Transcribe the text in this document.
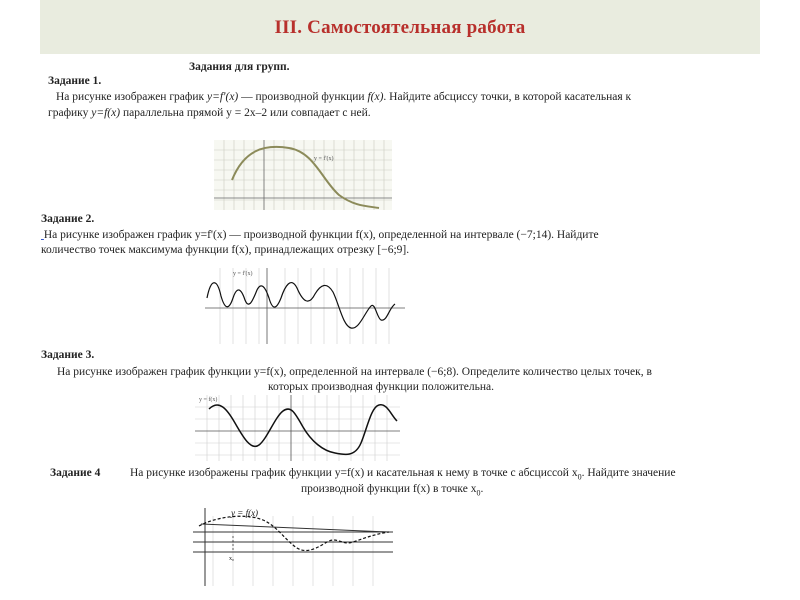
III. Самостоятельная работа
Задания для групп.
Задание 1.
На рисунке изображен график y=f'(x) — производной функции f(x). Найдите абсциссу точки, в которой касательная к
графику y=f(x) параллельна прямой у = 2х–2 или совпадает с ней.
y = f'(x)
Задание 2.
На рисунке изображен график y=f'(x) — производной функции f(x), определенной на интервале (−7;14). Найдите
количество точек максимума функции f(x), принадлежащих отрезку [−6;9].
y = f'(x)
Задание 3.
На рисунке изображен график функции y=f(x), определенной на интервале (−6;8). Определите количество целых точек, в
которых производная функции положительна.
y = f(x)
Задание 4	На рисунке изображены график функции y=f(x) и касательная к нему в точке с абсциссой $x_0$. Найдите значение
производной функции f(x) в точке $x_0$.
y = f(x)
x₀
